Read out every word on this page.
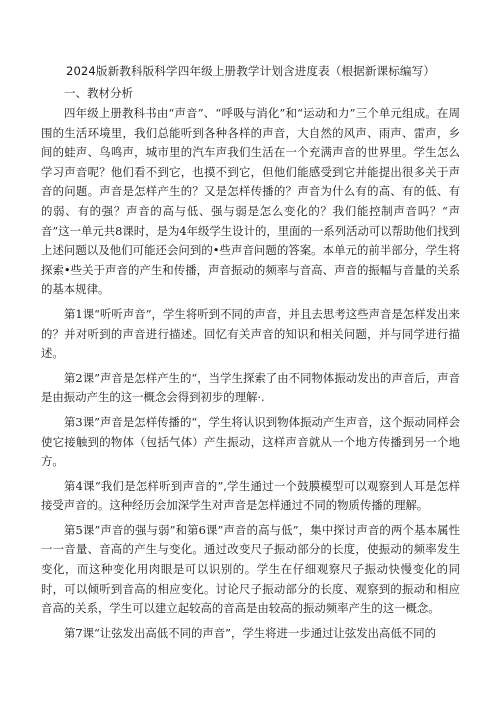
2024版新教科版科学四年级上册教学计划含进度表（根据新课标编写）
一、教材分析

四年级上册教科书由“声音”、“呼吸与消化”和“运动和力”三个单元组成。在周围的生活环境里，我们总能听到各种各样的声音，大自然的风声、雨声、雷声，乡间的蛙声、鸟鸣声，城市里的汽车声我们生活在一个充满声音的世界里。学生怎么学习声音呢？他们看不到它，也摸不到它，但他们能感受到它并能提出很多关于声音的问题。声音是怎样产生的？又是怎样传播的？声音为什么有的高、有的低、有的弱、有的强？声音的高与低、强与弱是怎么变化的？我们能控制声音吗？“声音”这一单元共8课时，是为4年级学生设计的，里面的一系列活动可以帮助他们找到上述问题以及他们可能还会问到的•些声音问题的答案。本单元的前半部分，学生将探索•些关于声音的产生和传播，声音振动的频率与音高、声音的振幅与音量的关系的基本规律。

第1课“听听声音”，学生将听到不同的声音，并且去思考这些声音是怎样发出来的？并对听到的声音进行描述。回忆有关声音的知识和相关问题，并与同学进行描述。

第2课”声音是怎样产生的“，当学生探索了由不同物体振动发出的声音后，声音是由振动产生的这一概念会得到初步的理解·.

第3课”声音是怎样传播的“，学生将认识到物体振动产生声音，这个振动同样会使它接触到的物体（包括气体）产生振动，这样声音就从一个地方传播到另一个地方。

第4课“我们是怎样听到声音的”,学生通过一个鼓膜模型可以观察到人耳是怎样接受声音的。这种经历会加深学生对声音是怎样通过不同的物质传播的理解。

第5课”声音的强与弱”和第6课”声音的高与低”，集中探讨声音的两个基本属性一一音量、音高的产生与变化。通过改变尺子振动部分的长度，使振动的频率发生变化，而这种变化用肉眼是可以识别的。学生在仔细观察尺子振动快慢变化的同时，可以倾听到音高的相应变化。讨论尺子振动部分的长度、观察到的振动和相应音高的关系，学生可以建立起较高的音高是由较高的振动频率产生的这一概念。

第7课“让弦发出高低不同的声音”，学生将进一步通过让弦发出高低不同的
